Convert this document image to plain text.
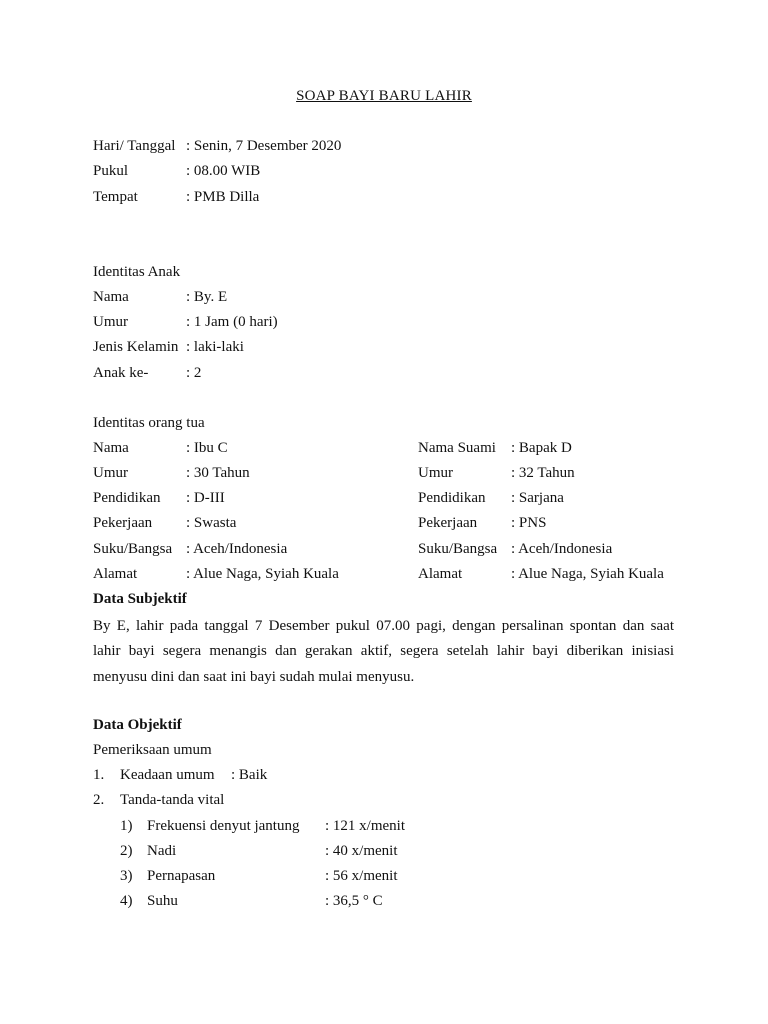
SOAP BAYI BARU LAHIR
Hari/ Tanggal : Senin, 7 Desember 2020
Pukul	: 08.00 WIB
Tempat	: PMB Dilla
Identitas Anak
Nama	: By. E
Umur	: 1 Jam (0 hari)
Jenis Kelamin : laki-laki
Anak ke-	: 2
Identitas orang tua
Nama	: Ibu C
Umur	: 30 Tahun
Pendidikan : D-III
Pekerjaan : Swasta
Suku/Bangsa : Aceh/Indonesia
Alamat	: Alue Naga, Syiah Kuala
Nama Suami : Bapak D
Umur	: 32 Tahun
Pendidikan : Sarjana
Pekerjaan : PNS
Suku/Bangsa : Aceh/Indonesia
Alamat	: Alue Naga, Syiah Kuala
Data Subjektif
By E, lahir pada tanggal 7 Desember pukul 07.00 pagi, dengan persalinan spontan dan saat
lahir bayi segera menangis dan gerakan aktif, segera setelah lahir bayi diberikan inisiasi
menyusu dini dan saat ini bayi sudah mulai menyusu.
Data Objektif
Pemeriksaan umum
1. Keadaan umum : Baik
2. Tanda-tanda vital
1) Frekuensi denyut jantung : 121 x/menit
2) Nadi	: 40 x/menit
3) Pernapasan	: 56 x/menit
4) Suhu	: 36,5 ° C
